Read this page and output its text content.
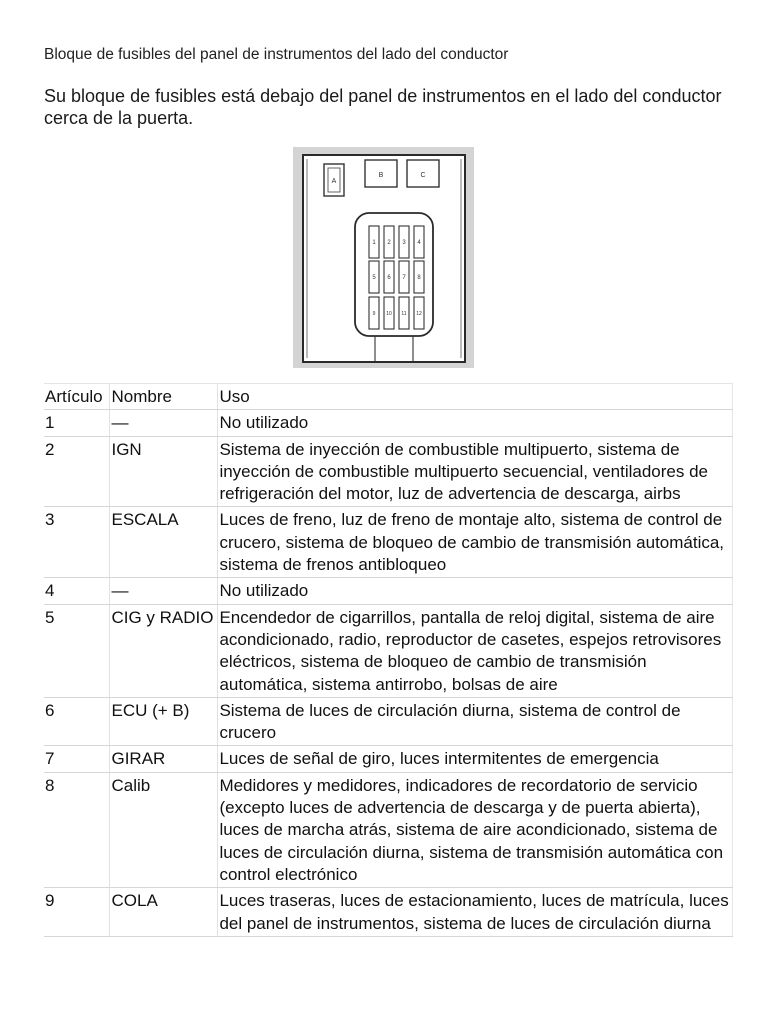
Bloque de fusibles del panel de instrumentos del lado del conductor
Su bloque de fusibles está debajo del panel de instrumentos en el lado del conductor cerca de la puerta.
A
B	C
1 2 3 4
5 6 7 8
9 10 11 12
Artículo	Nombre	Uso
1	—	No utilizado
2	IGN	Sistema de inyección de combustible multipuerto, sistema de inyección de combustible multipuerto secuencial, ventiladores de refrigeración del motor, luz de advertencia de descarga, airbs
3	ESCALA	Luces de freno, luz de freno de montaje alto, sistema de control de crucero, sistema de bloqueo de cambio de transmisión automática, sistema de frenos antibloqueo
4	—	No utilizado
5	CIG y RADIO	Encendedor de cigarrillos, pantalla de reloj digital, sistema de aire acondicionado, radio, reproductor de casetes, espejos retrovisores eléctricos, sistema de bloqueo de cambio de transmisión automática, sistema antirrobo, bolsas de aire
6	ECU (+ B)	Sistema de luces de circulación diurna, sistema de control de crucero
7	GIRAR	Luces de señal de giro, luces intermitentes de emergencia
8	Calib	Medidores y medidores, indicadores de recordatorio de servicio (excepto luces de advertencia de descarga y de puerta abierta), luces de marcha atrás, sistema de aire acondicionado, sistema de luces de circulación diurna, sistema de transmisión automática con control electrónico
9	COLA	Luces traseras, luces de estacionamiento, luces de matrícula, luces del panel de instrumentos, sistema de luces de circulación diurna
